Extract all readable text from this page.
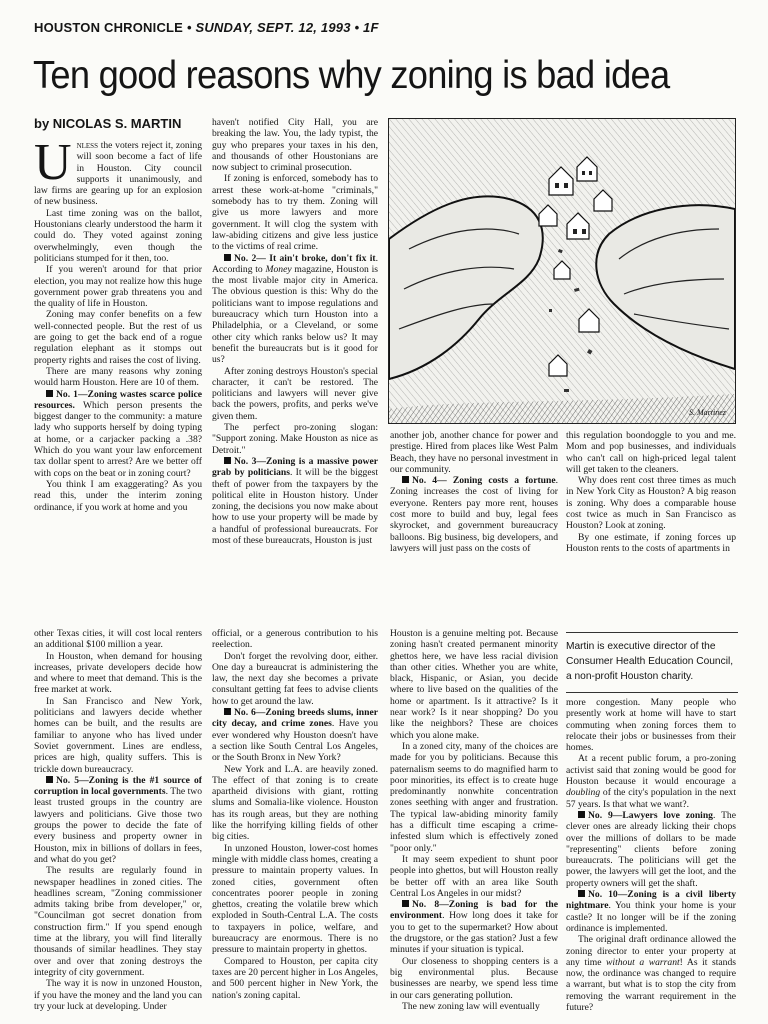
HOUSTON CHRONICLE • SUNDAY, SEPT. 12, 1993 • 1F
Ten good reasons why zoning is bad idea
by NICOLAS S. MARTIN

Unless the voters reject it, zoning will soon become a fact of life in Houston. City council supports it unanimously, and law firms are gearing up for an explosion of new business.

Last time zoning was on the ballot, Houstonians clearly understood the harm it could do. They voted against zoning overwhelmingly, even though the politicians stumped for it then, too.

If you weren't around for that prior election, you may not realize how this huge government power grab threatens you and the quality of life in Houston.

Zoning may confer benefits on a few well-connected people. But the rest of us are going to get the back end of a rogue regulation elephant as it stomps out property rights and raises the cost of living.

There are many reasons why zoning would harm Houston. Here are 10 of them.

No. 1—Zoning wastes scarce police resources. Which person presents the biggest danger to the community: a mature lady who supports herself by doing typing at home, or a carjacker packing a .38? Which do you want your law enforcement tax dollar spent to arrest? Are we better off with cops on the beat or in zoning court?

You think I am exaggerating? As you read this, under the interim zoning ordinance, if you work at home and you

haven't notified City Hall, you are breaking the law. You, the lady typist, the guy who prepares your taxes in his den, and thousands of other Houstonians are now subject to criminal prosecution.

If zoning is enforced, somebody has to arrest these work-at-home "criminals," somebody has to try them. Zoning will give us more lawyers and more government. It will clog the system with law-abiding citizens and give less justice to the victims of real crime.

No. 2— It ain't broke, don't fix it. According to Money magazine, Houston is the most livable major city in America. The obvious question is this: Why do the politicians want to impose regulations and bureaucracy which turn Houston into a Philadelphia, or a Cleveland, or some other city which ranks below us? It may benefit the bureaucrats but is it good for us?

After zoning destroys Houston's special character, it can't be restored. The politicians and lawyers will never give back the powers, profits, and perks we've given them.

The perfect pro-zoning slogan: "Support zoning. Make Houston as nice as Detroit."

No. 3—Zoning is a massive power grab by politicians. It will be the biggest theft of power from the taxpayers by the political elite in Houston history. Under zoning, the decisions you now make about how to use your property will be made by a handful of professional bureaucrats. For most of these bureaucrats, Houston is just

S. Martinez

another job, another chance for power and prestige. Hired from places like West Palm Beach, they have no personal investment in our community.

No. 4— Zoning costs a fortune. Zoning increases the cost of living for everyone. Renters pay more rent, houses cost more to build and buy, legal fees skyrocket, and government bureaucracy balloons. Big business, big developers, and lawyers will just pass on the costs of

this regulation boondoggle to you and me. Mom and pop businesses, and individuals who can't call on high-priced legal talent will get taken to the cleaners.

Why does rent cost three times as much in New York City as Houston? A big reason is zoning. Why does a comparable house cost twice as much in San Francisco as Houston? Look at zoning.

By one estimate, if zoning forces up Houston rents to the costs of apartments in

other Texas cities, it will cost local renters an additional $100 million a year.

In Houston, when demand for housing increases, private developers decide how and where to meet that demand. This is the free market at work.

In San Francisco and New York, politicians and lawyers decide whether homes can be built, and the results are familiar to anyone who has lived under Soviet government. Lines are endless, prices are high, quality suffers. This is trickle down bureaucracy.

No. 5—Zoning is the #1 source of corruption in local governments. The two least trusted groups in the country are lawyers and politicians. Give those two groups the power to decide the fate of every business and property owner in Houston, mix in billions of dollars in fees, and what do you get?

The results are regularly found in newspaper headlines in zoned cities. The headlines scream, "Zoning commissioner admits taking bribe from developer," or, "Councilman got secret donation from construction firm." If you spend enough time at the library, you will find literally thousands of similar headlines. They stay over and over that zoning destroys the integrity of city government.

The way it is now in unzoned Houston, if you have the money and the land you can try your luck at developing. Under

official, or a generous contribution to his reelection.

Don't forget the revolving door, either. One day a bureaucrat is administering the law, the next day she becomes a private consultant getting fat fees to advise clients how to get around the law.

No. 6—Zoning breeds slums, inner city decay, and crime zones. Have you ever wondered why Houston doesn't have a section like South Central Los Angeles, or the South Bronx in New York?

New York and L.A. are heavily zoned. The effect of that zoning is to create apartheid divisions with giant, rotting slums and Somalia-like violence. Houston has its rough areas, but they are nothing like the horrifying killing fields of other big cities.

In unzoned Houston, lower-cost homes mingle with middle class homes, creating a pressure to maintain property values. In zoned cities, government often concentrates poorer people in zoning ghettos, creating the volatile brew which exploded in South-Central L.A. The costs to taxpayers in police, welfare, and bureaucracy are enormous. There is no pressure to maintain property in ghettos.

Compared to Houston, per capita city taxes are 20 percent higher in Los Angeles, and 500 percent higher in New York, the nation's zoning capital.

Houston is a genuine melting pot. Because zoning hasn't created permanent minority ghettos here, we have less racial division than other cities. Whether you are white, black, Hispanic, or Asian, you decide where to live based on the qualities of the home or apartment. Is it attractive? Is it near work? Is it near shopping? Do you like the neighbors? These are choices which you alone make.

In a zoned city, many of the choices are made for you by politicians. Because this paternalism seems to do magnified harm to poor minorities, its effect is to create huge predominantly nonwhite concentration zones seething with anger and frustration. The typical law-abiding minority family has a difficult time escaping a crime-infested slum which is effectively zoned "poor only."

It may seem expedient to shunt poor people into ghettos, but will Houston really be better off with an area like South Central Los Angeles in our midst?

No. 8—Zoning is bad for the environment. How long does it take for you to get to the supermarket? How about the drugstore, or the gas station? Just a few minutes if your situation is typical.

Our closeness to shopping centers is a big environmental plus. Because businesses are nearby, we spend less time in our cars generating pollution.

The new zoning law will eventually

Martin is executive director of the Consumer Health Education Council, a non-profit Houston charity.

more congestion. Many people who presently work at home will have to start commuting when zoning forces them to relocate their jobs or businesses from their homes.

At a recent public forum, a pro-zoning activist said that zoning would be good for Houston because it would encourage a doubling of the city's population in the next 57 years. Is that what we want?.

No. 9—Lawyers love zoning. The clever ones are already licking their chops over the millions of dollars to be made "representing" clients before zoning bureaucrats. The politicians will get the power, the lawyers will get the loot, and the property owners will get the shaft.

No. 10—Zoning is a civil liberty nightmare. You think your home is your castle? It no longer will be if the zoning ordinance is implemented.

The original draft ordinance allowed the zoning director to enter your property at any time without a warrant! As it stands now, the ordinance was changed to require a warrant, but what is to stop the city from removing the warrant requirement in the future?
